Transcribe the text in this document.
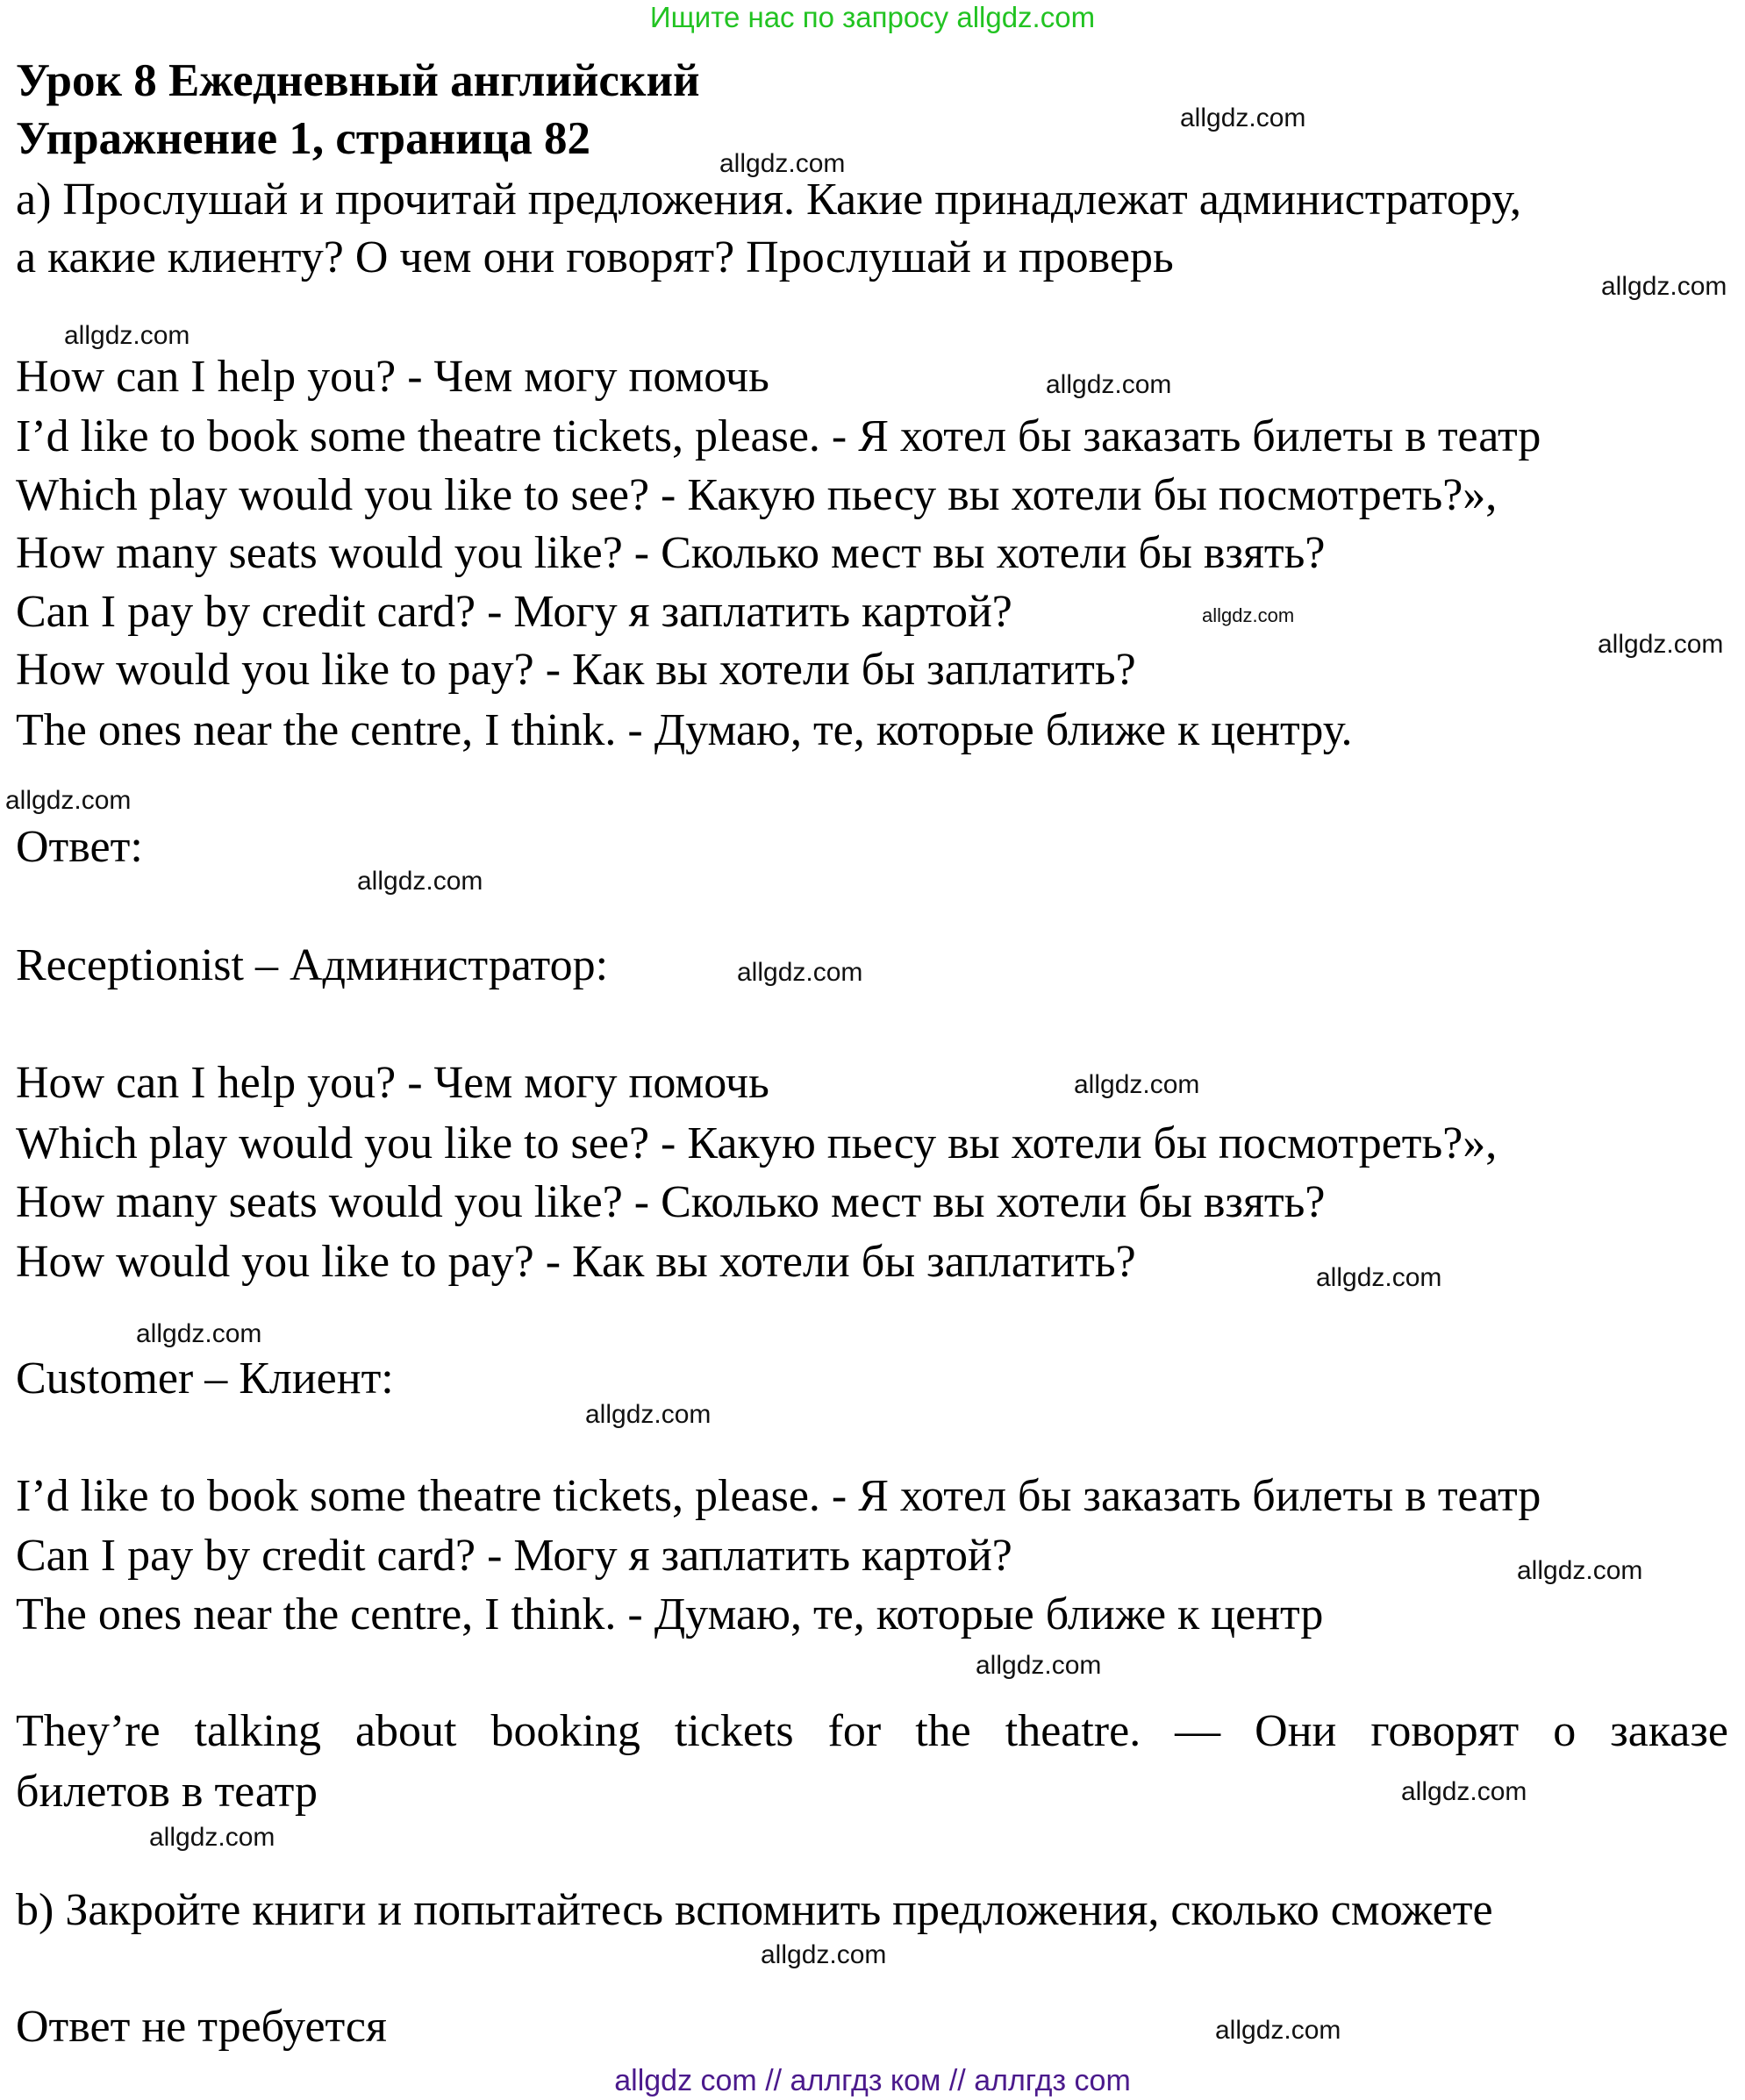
Ищите нас по запросу allgdz.com
Урок 8 Ежедневный английский
Упражнение 1, страница 82
a) Прослушай и прочитай предложения. Какие принадлежат администратору,
а какие клиенту? О чем они говорят? Прослушай и проверь
How can I help you? - Чем могу помочь
I’d like to book some theatre tickets, please. - Я хотел бы заказать билеты в театр
Which play would you like to see? - Какую пьесу вы хотели бы посмотреть?»,
How many seats would you like? - Сколько мест вы хотели бы взять?
Can I pay by credit card? - Могу я заплатить картой?
How would you like to pay? - Как вы хотели бы заплатить?
The ones near the centre, I think. - Думаю, те, которые ближе к центру.
Ответ:
Receptionist – Администратор:
How can I help you? - Чем могу помочь
Which play would you like to see? - Какую пьесу вы хотели бы посмотреть?»,
How many seats would you like? - Сколько мест вы хотели бы взять?
How would you like to pay? - Как вы хотели бы заплатить?
Customer – Клиент:
I’d like to book some theatre tickets, please. - Я хотел бы заказать билеты в театр
Can I pay by credit card? - Могу я заплатить картой?
The ones near the centre, I think. - Думаю, те, которые ближе к центр
They’re talking about booking tickets for the theatre. — Они говорят о заказе
билетов в театр
b) Закройте книги и попытайтесь вспомнить предложения, сколько сможете
Ответ не требуется
allgdz.com
allgdz.com
allgdz.com
allgdz.com
allgdz.com
allgdz.com
allgdz.com
allgdz.com
allgdz.com
allgdz.com
allgdz.com
allgdz.com
allgdz.com
allgdz.com
allgdz.com
allgdz.com
allgdz.com
allgdz.com
allgdz.com
allgdz.com
allgdz com // аллгдз ком // аллгдз com
